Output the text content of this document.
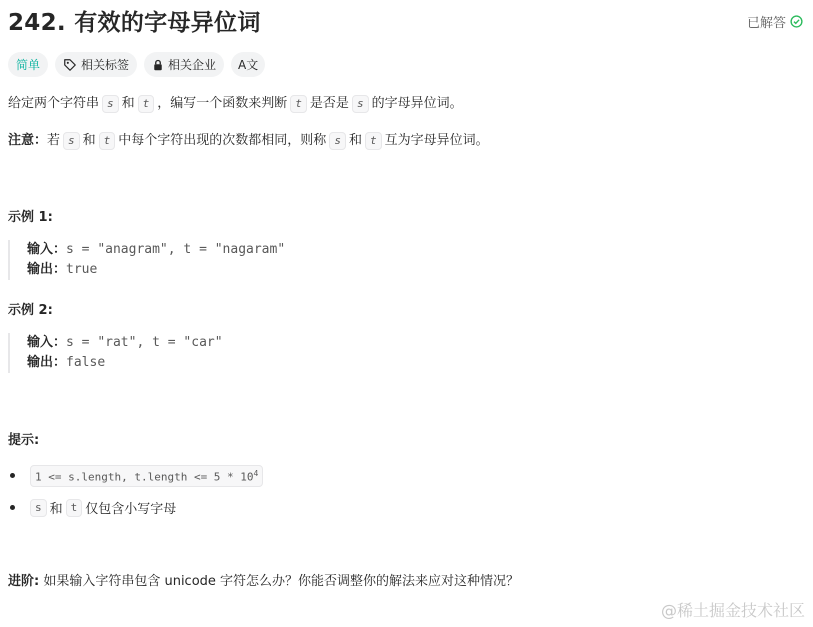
242. 有效的字母异位词	已解答
简单	相关标签	相关企业 A文
给定两个字符串 s 和 t ，编写一个函数来判断 t 是否是 s 的字母异位词。
注意：若 s 和 t 中每个字符出现的次数都相同，则称 s 和 t 互为字母异位词。
示例 1:
输入：s = "anagram", t = "nagaram"
输出：true
示例 2:
输入：s = "rat", t = "car"
输出：false
提示:
1 <= s.length, t.length <= $5 * 10^4$
s 和 t 仅包含小写字母
进阶: 如果输入字符串包含 unicode 字符怎么办？你能否调整你的解法来应对这种情况？
@稀土掘金技术社区
